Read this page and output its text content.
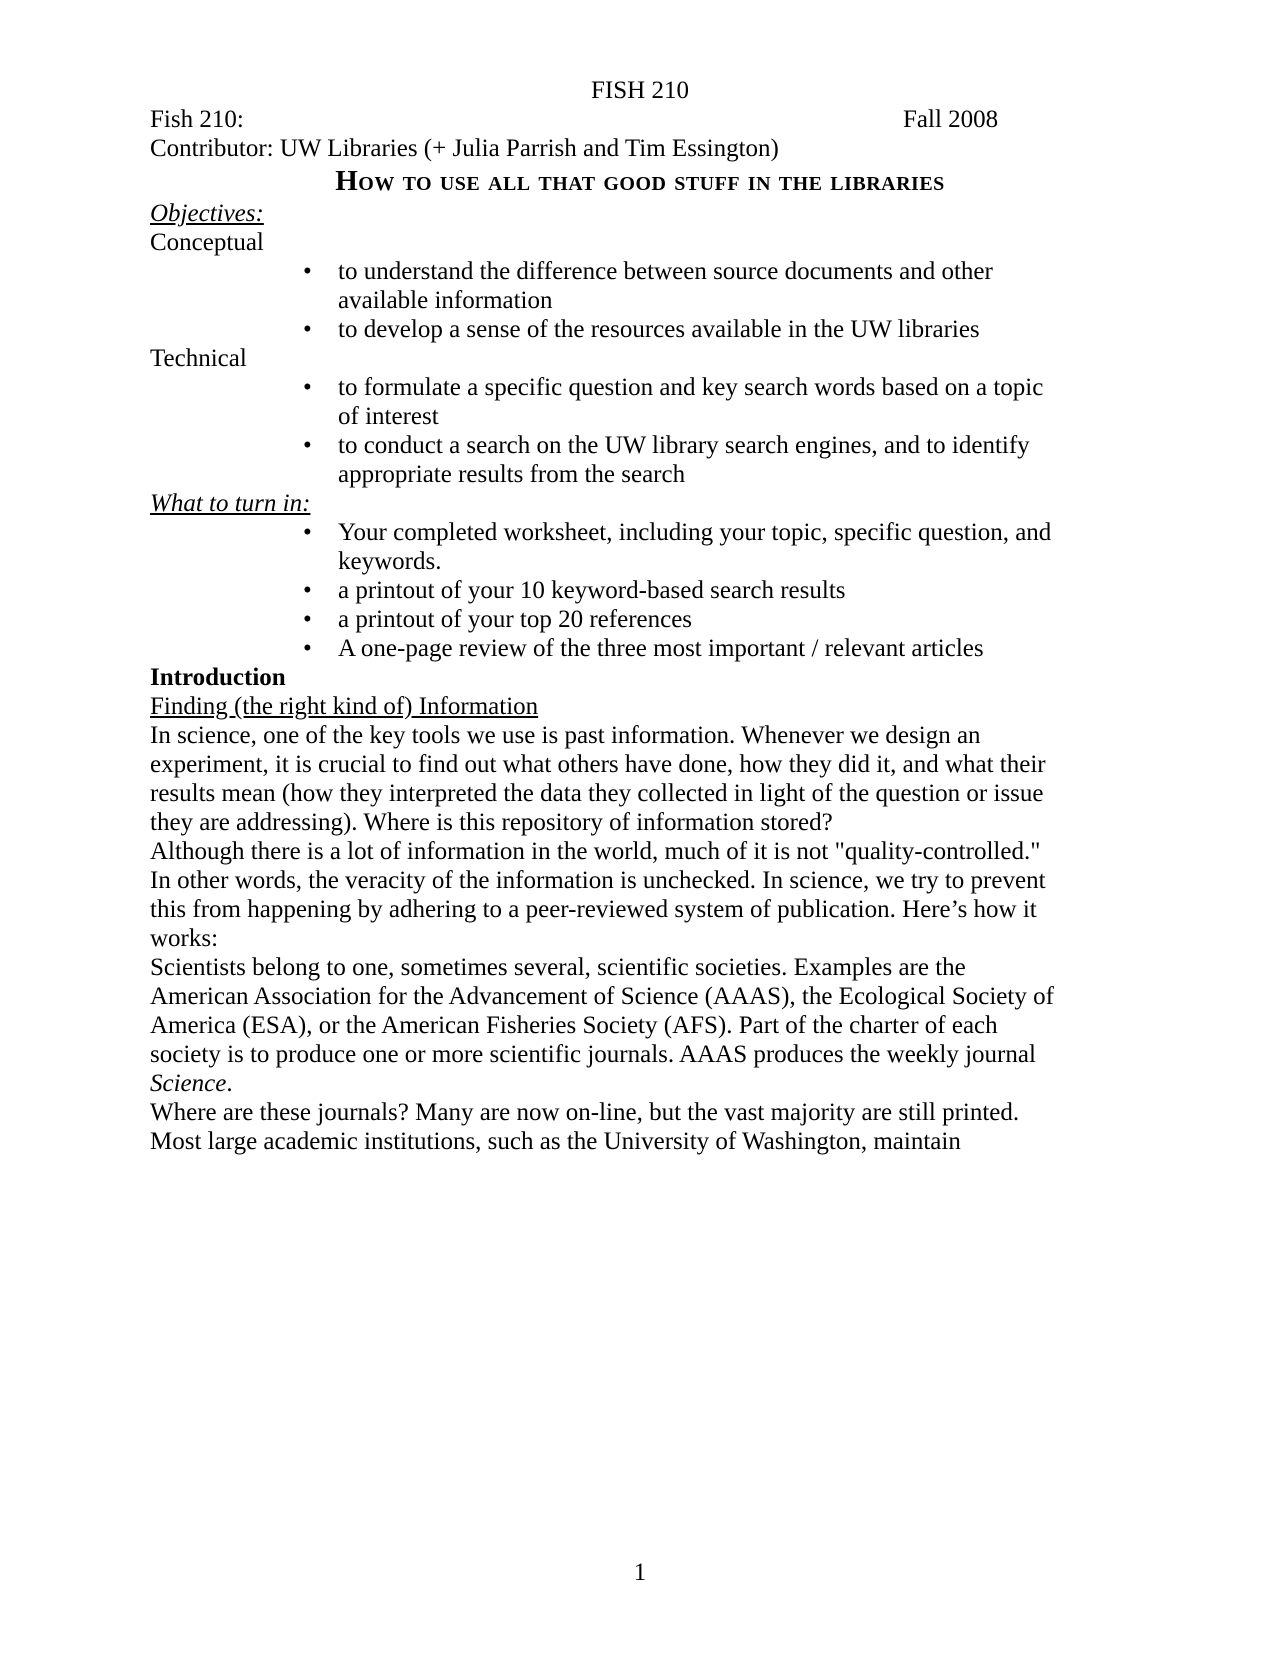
FISH 210
Fish 210:	Fall 2008
Contributor: UW Libraries (+ Julia Parrish and Tim Essington)
How to use all that good stuff in the libraries
Objectives:
Conceptual
•	to understand the difference between source documents and other available information
•	to develop a sense of the resources available in the UW libraries
Technical
•	to formulate a specific question and key search words based on a topic of interest
•	to conduct a search on the UW library search engines, and to identify appropriate results from the search
What to turn in:
•	Your completed worksheet, including your topic, specific question, and keywords.
•	a printout of your 10 keyword-based search results
•	a printout of your top 20 references
•	A one-page review of the three most important / relevant articles
Introduction
Finding (the right kind of) Information

In science, one of the key tools we use is past information. Whenever we design an experiment, it is crucial to find out what others have done, how they did it, and what their results mean (how they interpreted the data they collected in light of the question or issue they are addressing). Where is this repository of information stored?

Although there is a lot of information in the world, much of it is not "quality-controlled." In other words, the veracity of the information is unchecked. In science, we try to prevent this from happening by adhering to a peer-reviewed system of publication. Here’s how it works:

Scientists belong to one, sometimes several, scientific societies. Examples are the American Association for the Advancement of Science (AAAS), the Ecological Society of America (ESA), or the American Fisheries Society (AFS). Part of the charter of each society is to produce one or more scientific journals. AAAS produces the weekly journal Science.

Where are these journals? Many are now on-line, but the vast majority are still printed. Most large academic institutions, such as the University of Washington, maintain

1
